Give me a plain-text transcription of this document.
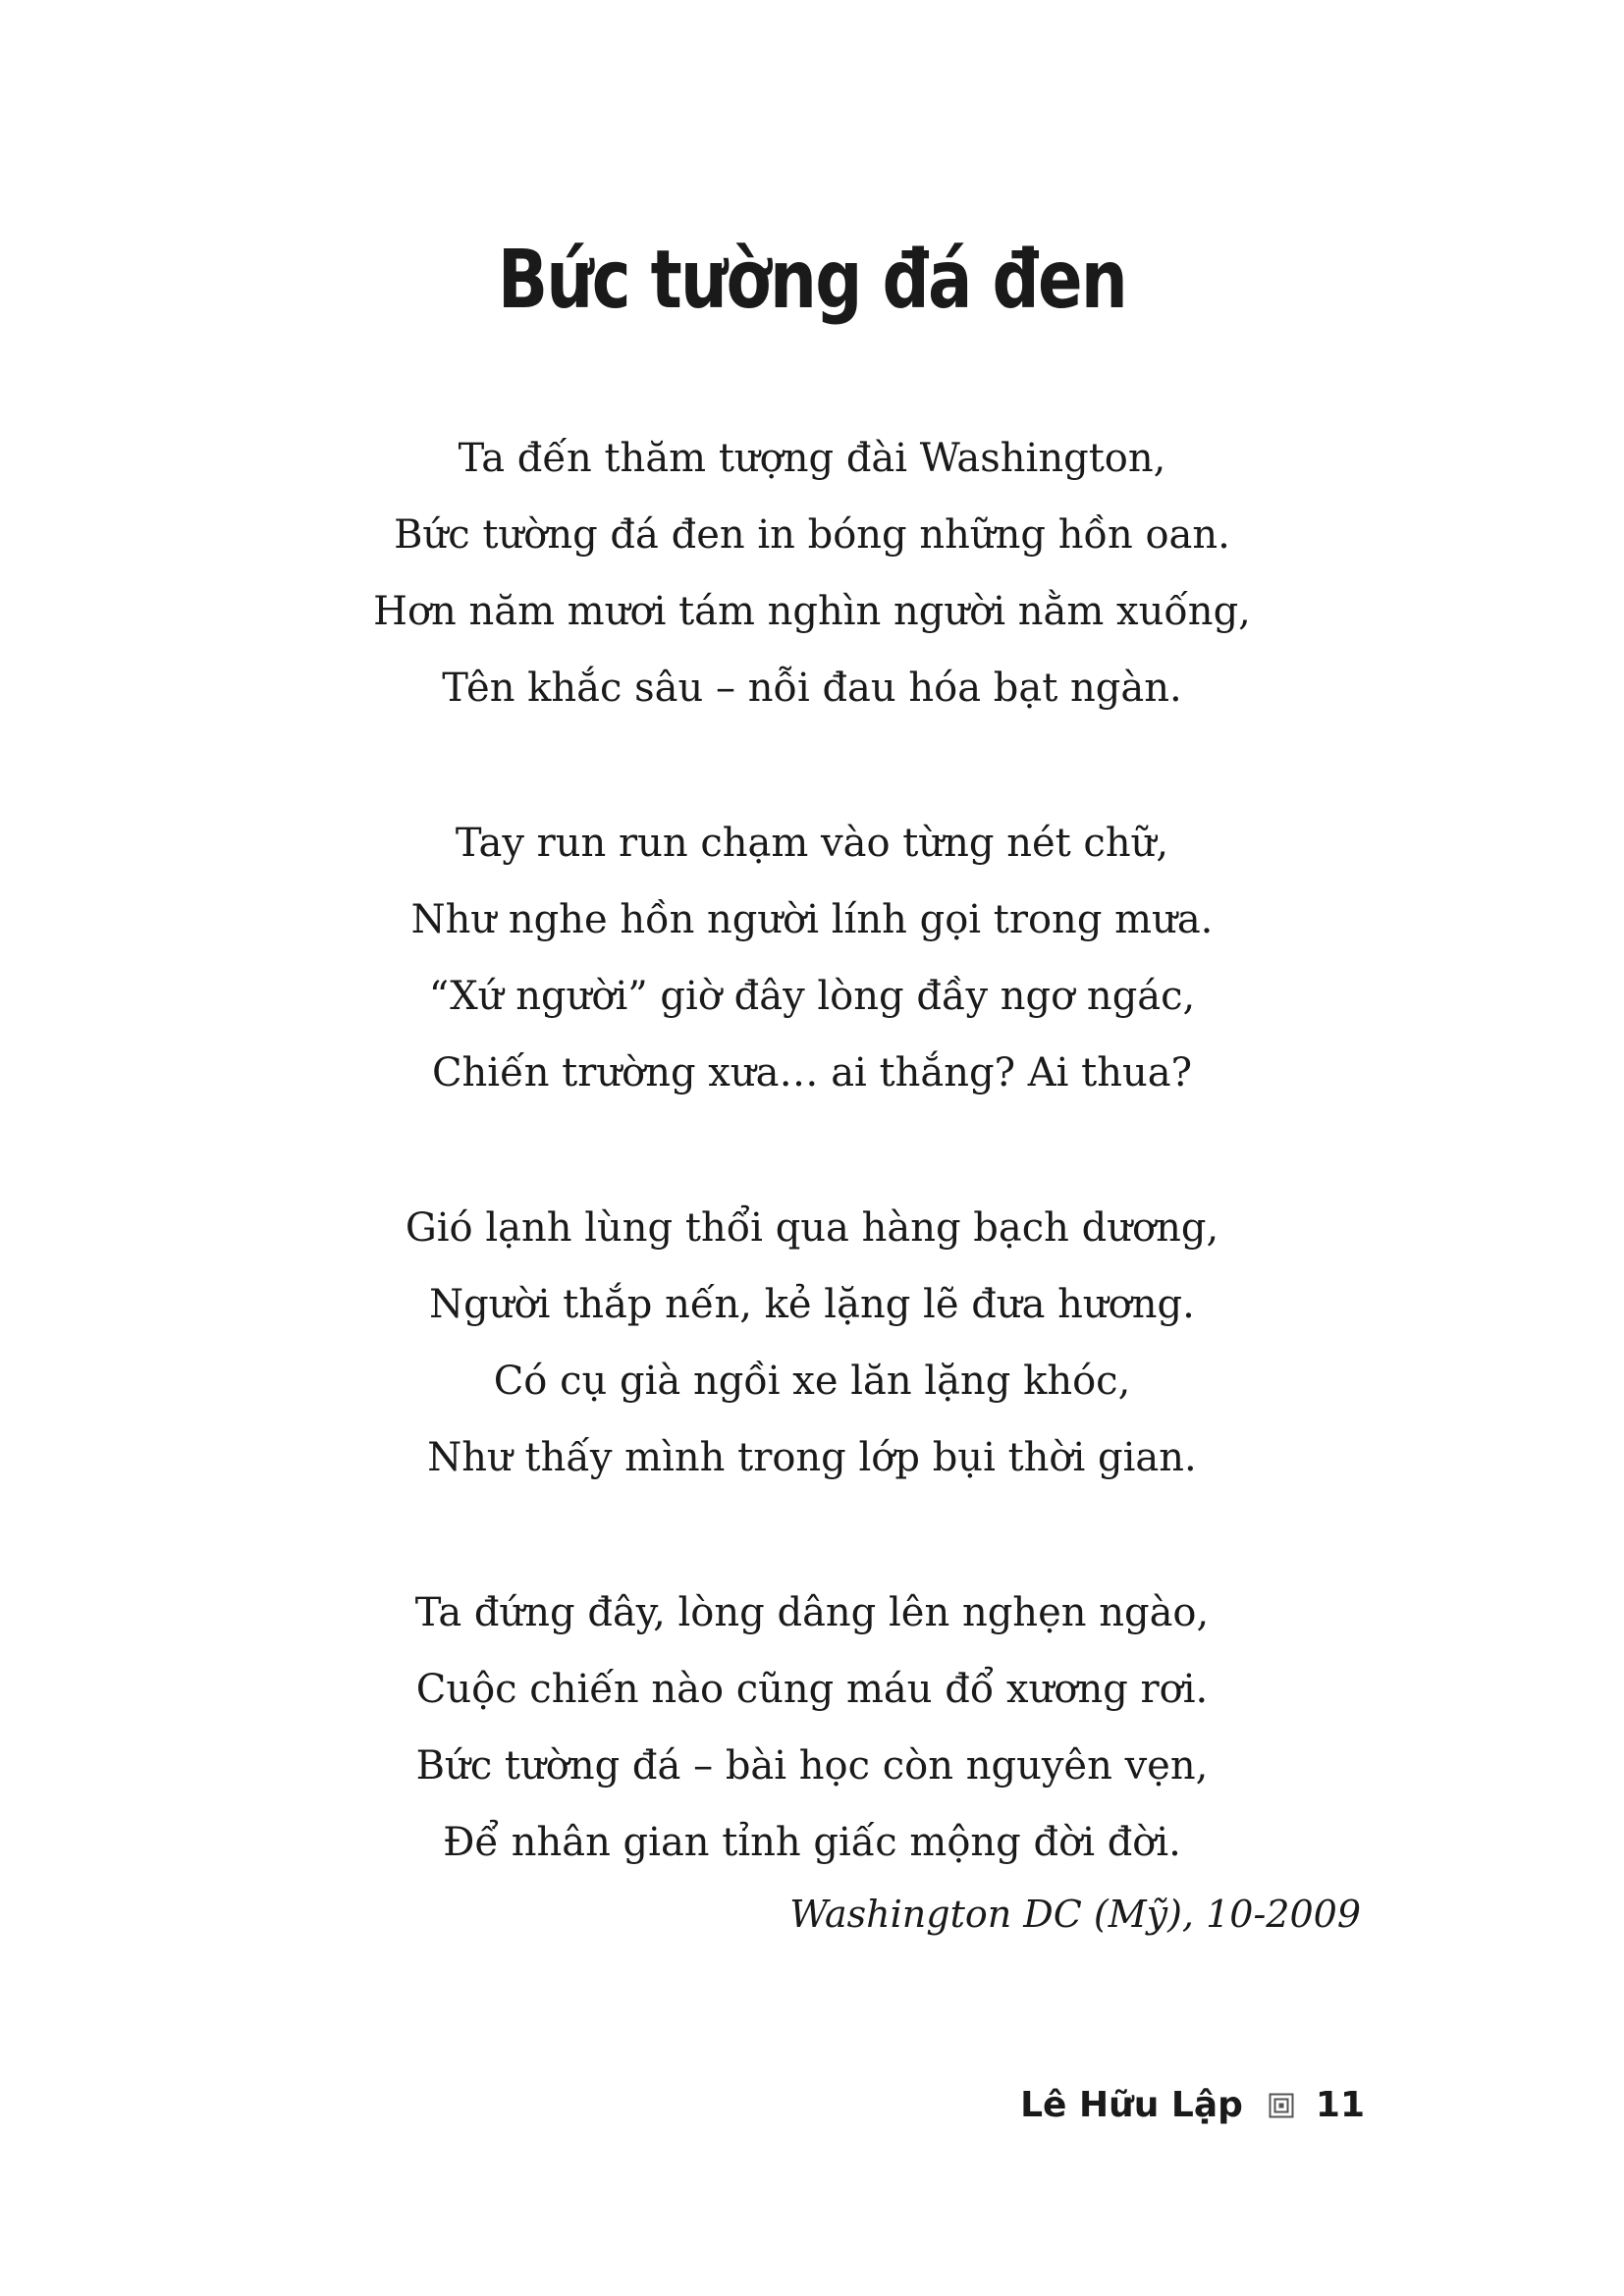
Bức tường đá đen
Ta đến thăm tượng đài Washington,
Bức tường đá đen in bóng những hồn oan.
Hơn năm mươi tám nghìn người nằm xuống,
Tên khắc sâu – nỗi đau hóa bạt ngàn.
Tay run run chạm vào từng nét chữ,
Như nghe hồn người lính gọi trong mưa.
“Xứ người” giờ đây lòng đầy ngơ ngác,
Chiến trường xưa… ai thắng? Ai thua?
Gió lạnh lùng thổi qua hàng bạch dương,
Người thắp nến, kẻ lặng lẽ đưa hương.
Có cụ già ngồi xe lăn lặng khóc,
Như thấy mình trong lớp bụi thời gian.
Ta đứng đây, lòng dâng lên nghẹn ngào,
Cuộc chiến nào cũng máu đổ xương rơi.
Bức tường đá – bài học còn nguyên vẹn,
Để nhân gian tỉnh giấc mộng đời đời.
Washington DC (Mỹ), 10-2009
Lê Hữu Lập 11
